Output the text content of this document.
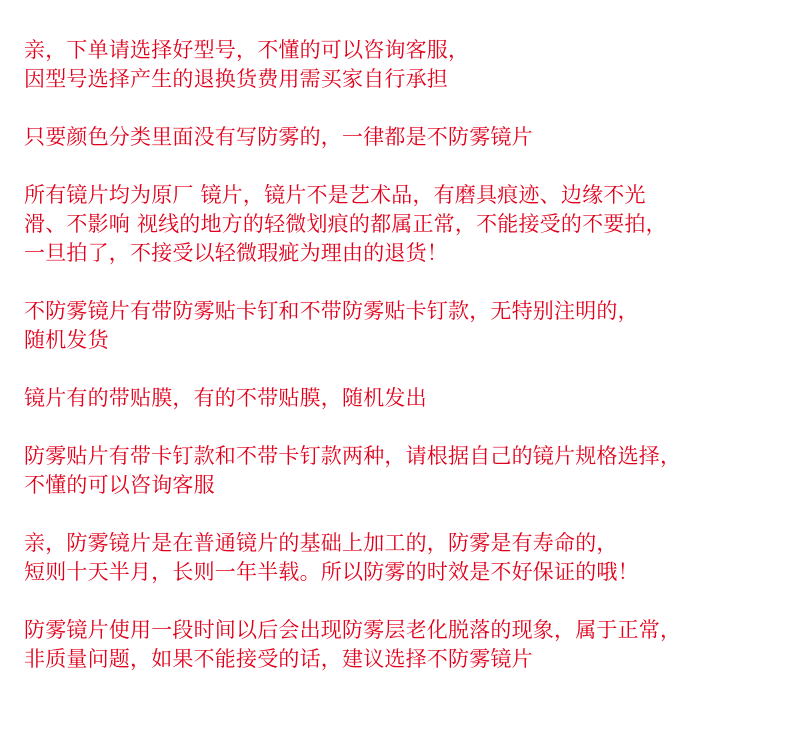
亲，下单请选择好型号，不懂的可以咨询客服，
因型号选择产生的退换货费用需买家自行承担
只要颜色分类里面没有写防雾的，一律都是不防雾镜片
所有镜片均为原厂 镜片，镜片不是艺术品，有磨具痕迹、边缘不光
滑、不影响 视线的地方的轻微划痕的都属正常，不能接受的不要拍，
一旦拍了，不接受以轻微瑕疵为理由的退货！
不防雾镜片有带防雾贴卡钉和不带防雾贴卡钉款，无特别注明的，
随机发货
镜片有的带贴膜，有的不带贴膜，随机发出
防雾贴片有带卡钉款和不带卡钉款两种，请根据自己的镜片规格选择，
不懂的可以咨询客服
亲，防雾镜片是在普通镜片的基础上加工的，防雾是有寿命的，
短则十天半月，长则一年半载。所以防雾的时效是不好保证的哦！
防雾镜片使用一段时间以后会出现防雾层老化脱落的现象，属于正常，
非质量问题，如果不能接受的话，建议选择不防雾镜片
